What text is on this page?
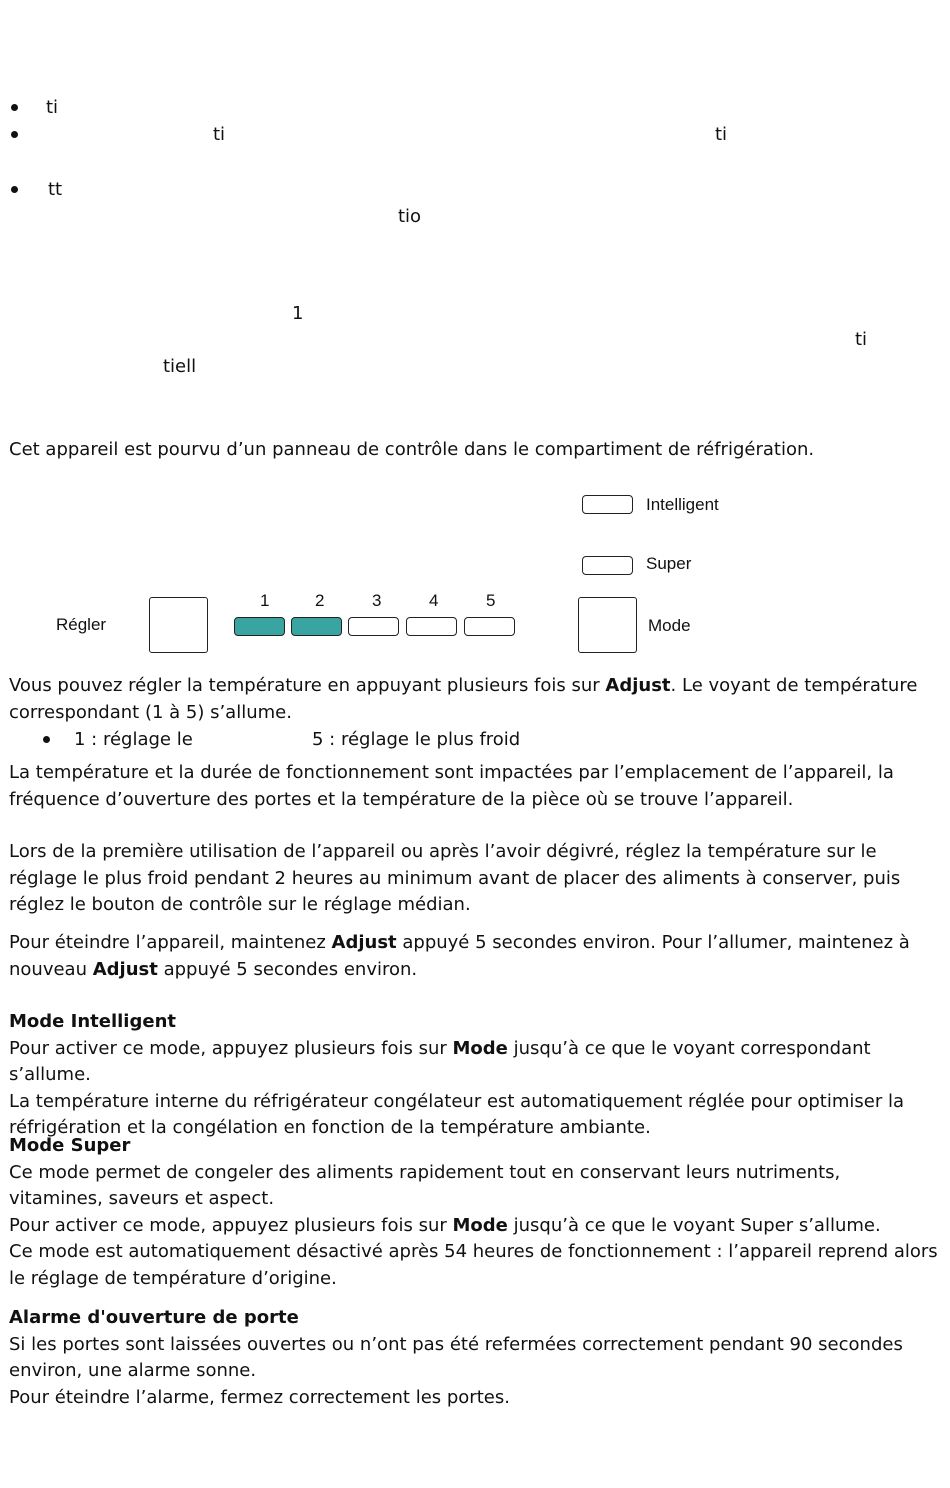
ti
ti	ti
tt
tio
1
ti
tiell
Cet appareil est pourvu d’un panneau de contrôle dans le compartiment de réfrigération.
Intelligent
Super
Régler
1	2	3	4	5
Mode

Vous pouvez régler la température en appuyant plusieurs fois sur Adjust. Le voyant de température

correspondant (1 à 5) s’allume.

1 : réglage le	5 : réglage le plus froid
La température et la durée de fonctionnement sont impactées par l’emplacement de l’appareil, la fréquence d’ouverture des portes et la température de la pièce où se trouve l’appareil.
Lors de la première utilisation de l’appareil ou après l’avoir dégivré, réglez la température sur le réglage le plus froid pendant 2 heures au minimum avant de placer des aliments à conserver, puis réglez le bouton de contrôle sur le réglage médian.
Pour éteindre l’appareil, maintenez Adjust appuyé 5 secondes environ. Pour l’allumer, maintenez à nouveau Adjust appuyé 5 secondes environ.

Mode Intelligent

Pour activer ce mode, appuyez plusieurs fois sur Mode jusqu’à ce que le voyant correspondant s’allume.

La température interne du réfrigérateur congélateur est automatiquement réglée pour optimiser la réfrigération et la congélation en fonction de la température ambiante.

Mode Super

Ce mode permet de congeler des aliments rapidement tout en conservant leurs nutriments, vitamines, saveurs et aspect.

Pour activer ce mode, appuyez plusieurs fois sur Mode jusqu’à ce que le voyant Super s’allume.

Ce mode est automatiquement désactivé après 54 heures de fonctionnement : l’appareil reprend alors le réglage de température d’origine.

Alarme d'ouverture de porte

Si les portes sont laissées ouvertes ou n’ont pas été refermées correctement pendant 90 secondes environ, une alarme sonne.

Pour éteindre l’alarme, fermez correctement les portes.
